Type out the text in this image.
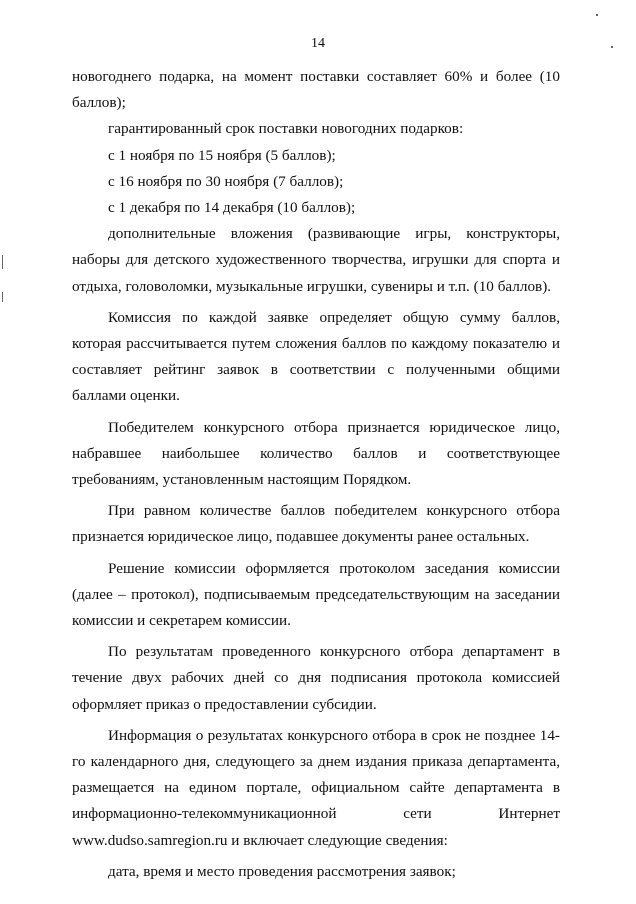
14

новогоднего подарка, на момент поставки составляет 60% и более (10 баллов);

гарантированный срок поставки новогодних подарков:

с 1 ноября по 15 ноября (5 баллов);

с 16 ноября по 30 ноября (7 баллов);

с 1 декабря по 14 декабря (10 баллов);

дополнительные вложения (развивающие игры, конструкторы, наборы для детского художественного творчества, игрушки для спорта и отдыха, головоломки, музыкальные игрушки, сувениры и т.п. (10 баллов).

Комиссия по каждой заявке определяет общую сумму баллов, которая рассчитывается путем сложения баллов по каждому показателю и составляет рейтинг заявок в соответствии с полученными общими баллами оценки.

Победителем конкурсного отбора признается юридическое лицо, набравшее наибольшее количество баллов и соответствующее требованиям, установленным настоящим Порядком.

При равном количестве баллов победителем конкурсного отбора признается юридическое лицо, подавшее документы ранее остальных.

Решение комиссии оформляется протоколом заседания комиссии (далее – протокол), подписываемым председательствующим на заседании комиссии и секретарем комиссии.

По результатам проведенного конкурсного отбора департамент в течение двух рабочих дней со дня подписания протокола комиссией оформляет приказ о предоставлении субсидии.

Информация о результатах конкурсного отбора в срок не позднее 14-го календарного дня, следующего за днем издания приказа департамента, размещается на едином портале, официальном сайте департамента в информационно-телекоммуникационной сети Интернет www.dudso.samregion.ru и включает следующие сведения:

дата, время и место проведения рассмотрения заявок;
